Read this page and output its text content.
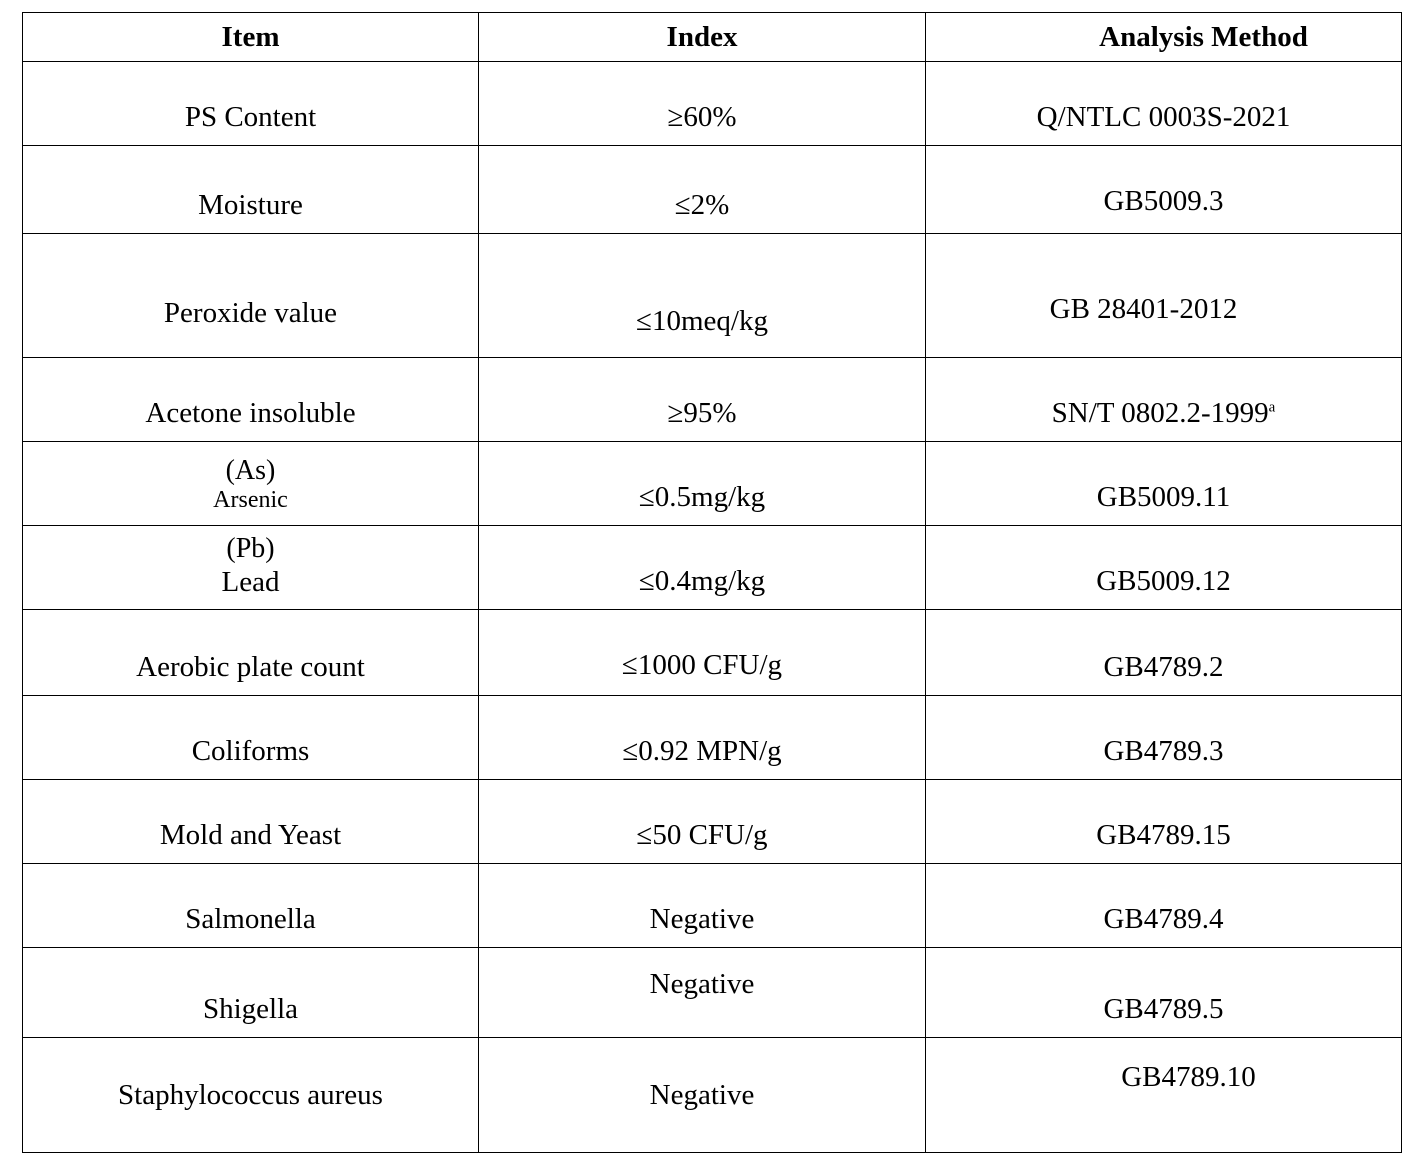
Item	Index	Analysis Method
PS Content	≥60%	Q/NTLC 0003S-2021
Moisture	≤2%	GB5009.3
Peroxide value	≤10meq/kg	GB 28401-2012
Acetone insoluble	≥95%	SN/T 0802.2-1999$^a$

(As)
Arsenic	≤0.5mg/kg	GB5009.11

(Pb)
Lead	≤0.4mg/kg	GB5009.12
Aerobic plate count	≤1000 CFU/g	GB4789.2
Coliforms	≤0.92 MPN/g	GB4789.3
Mold and Yeast	≤50 CFU/g	GB4789.15
Salmonella	Negative	GB4789.4
Shigella	Negative	GB4789.5
Staphylococcus aureus	Negative	GB4789.10
